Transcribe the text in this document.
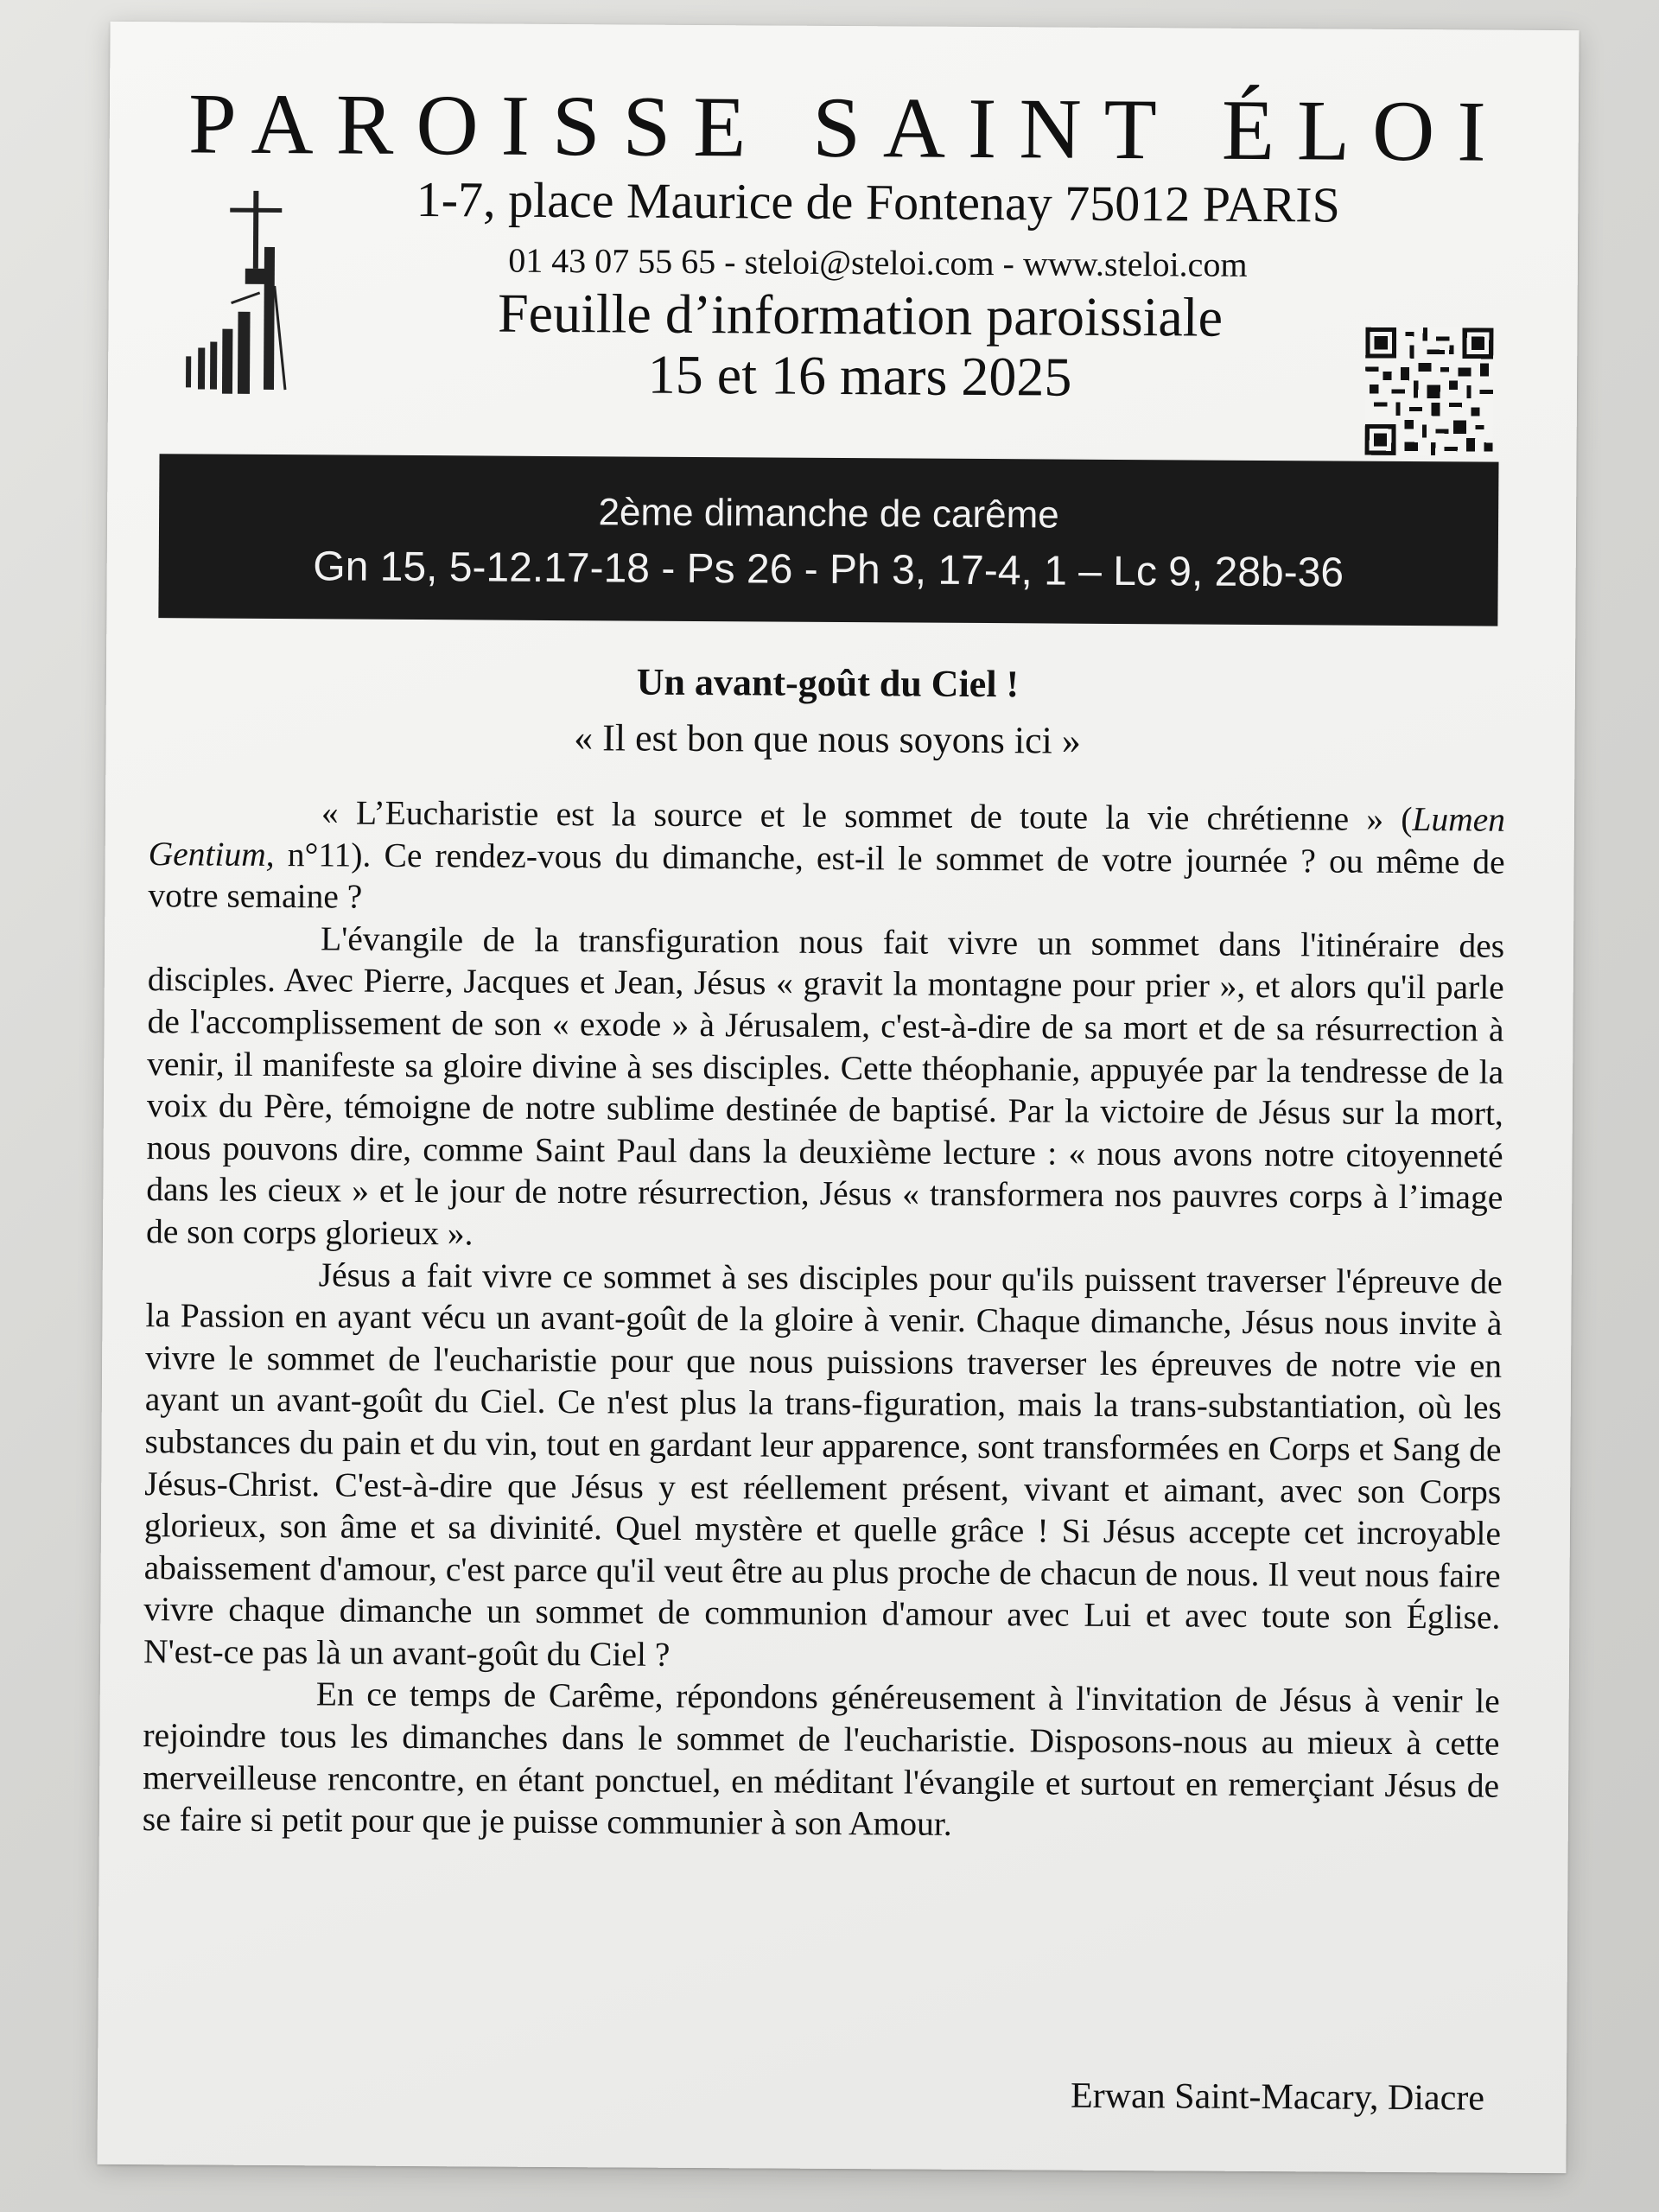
PAROISSE SAINT ÉLOI
1-7, place Maurice de Fontenay 75012 PARIS
01 43 07 55 65 - steloi@steloi.com - www.steloi.com
Feuille d’information paroissiale
15 et 16 mars 2025
2ème dimanche de carême
Gn 15, 5-12.17-18 - Ps 26 - Ph 3, 17-4, 1 – Lc 9, 28b-36
Un avant-goût du Ciel !
« Il est bon que nous soyons ici »

« L’Eucharistie est la source et le sommet de toute la vie chrétienne » (Lumen Gentium, n°11). Ce rendez-vous du dimanche, est-il le sommet de votre journée ? ou même de votre semaine ?

L'évangile de la transfiguration nous fait vivre un sommet dans l'itinéraire des disciples. Avec Pierre, Jacques et Jean, Jésus « gravit la montagne pour prier », et alors qu'il parle de l'accomplissement de son « exode » à Jérusalem, c'est-à-dire de sa mort et de sa résurrection à venir, il manifeste sa gloire divine à ses disciples. Cette théophanie, appuyée par la tendresse de la voix du Père, témoigne de notre sublime destinée de baptisé. Par la victoire de Jésus sur la mort, nous pouvons dire, comme Saint Paul dans la deuxième lecture : « nous avons notre citoyenneté dans les cieux » et le jour de notre résurrection, Jésus « transformera nos pauvres corps à l’image de son corps glorieux ».

Jésus a fait vivre ce sommet à ses disciples pour qu'ils puissent traverser l'épreuve de la Passion en ayant vécu un avant-goût de la gloire à venir. Chaque dimanche, Jésus nous invite à vivre le sommet de l'eucharistie pour que nous puissions traverser les épreuves de notre vie en ayant un avant-goût du Ciel. Ce n'est plus la trans-figuration, mais la trans-substantiation, où les substances du pain et du vin, tout en gardant leur apparence, sont transformées en Corps et Sang de Jésus-Christ. C'est-à-dire que Jésus y est réellement présent, vivant et aimant, avec son Corps glorieux, son âme et sa divinité. Quel mystère et quelle grâce ! Si Jésus accepte cet incroyable abaissement d'amour, c'est parce qu'il veut être au plus proche de chacun de nous. Il veut nous faire vivre chaque dimanche un sommet de communion d'amour avec Lui et avec toute son Église. N'est-ce pas là un avant-goût du Ciel ?

En ce temps de Carême, répondons généreusement à l'invitation de Jésus à venir le rejoindre tous les dimanches dans le sommet de l'eucharistie. Disposons-nous au mieux à cette merveilleuse rencontre, en étant ponctuel, en méditant l'évangile et surtout en remerçiant Jésus de se faire si petit pour que je puisse communier à son Amour.

Erwan Saint-Macary, Diacre
